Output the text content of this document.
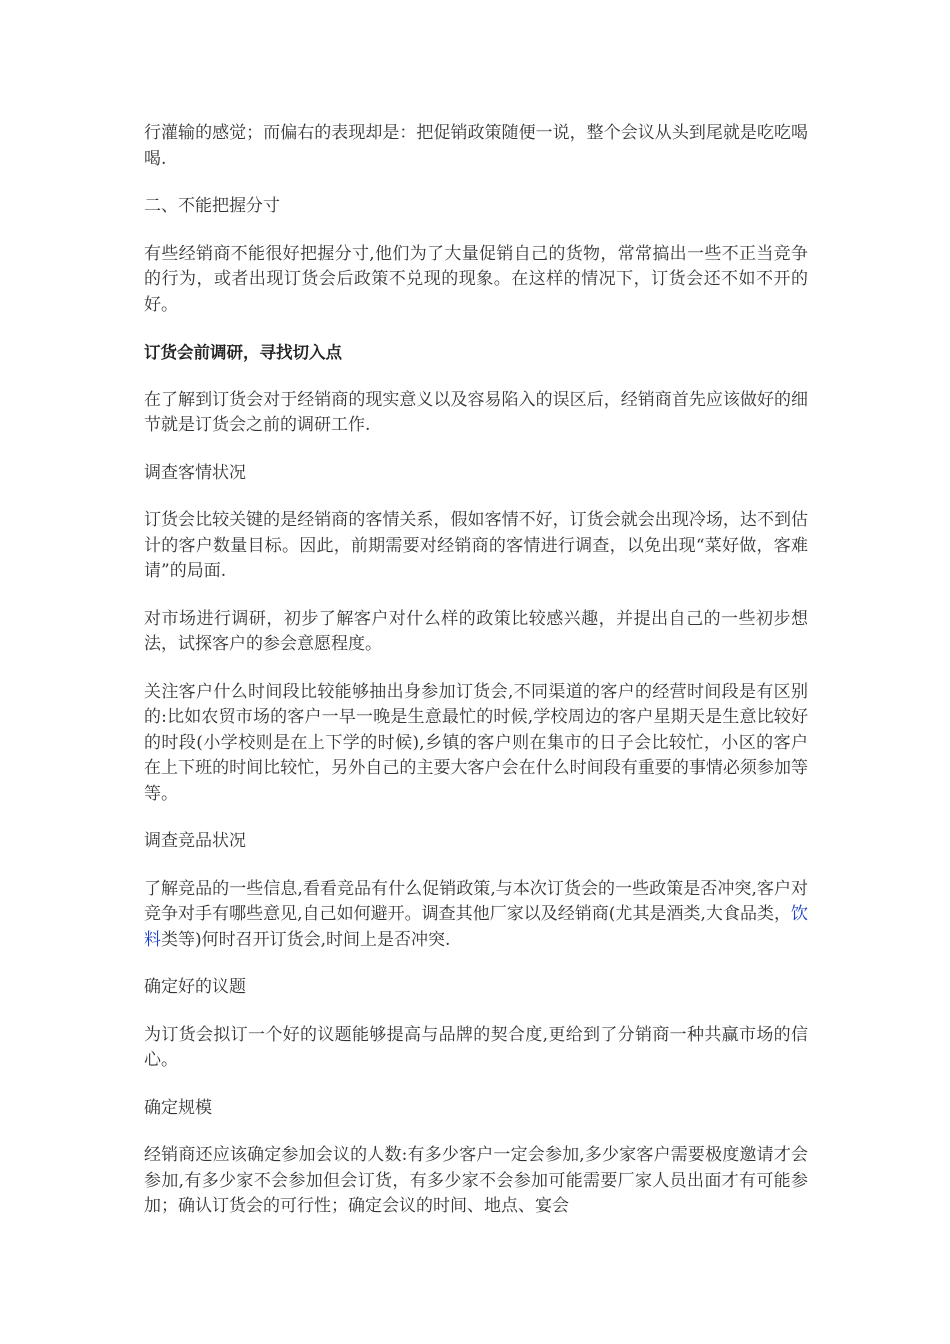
行灌输的感觉；而偏右的表现却是：把促销政策随便一说，整个会议从头到尾就是吃吃喝喝.

二、不能把握分寸

有些经销商不能很好把握分寸,他们为了大量促销自己的货物，常常搞出一些不正当竞争的行为，或者出现订货会后政策不兑现的现象。在这样的情况下，订货会还不如不开的好。

订货会前调研，寻找切入点

在了解到订货会对于经销商的现实意义以及容易陷入的误区后，经销商首先应该做好的细节就是订货会之前的调研工作.

调查客情状况

订货会比较关键的是经销商的客情关系，假如客情不好，订货会就会出现冷场，达不到估计的客户数量目标。因此，前期需要对经销商的客情进行调查，以免出现“菜好做，客难请”的局面.

对市场进行调研，初步了解客户对什么样的政策比较感兴趣，并提出自己的一些初步想法，试探客户的参会意愿程度。

关注客户什么时间段比较能够抽出身参加订货会,不同渠道的客户的经营时间段是有区别的:比如农贸市场的客户一早一晚是生意最忙的时候,学校周边的客户星期天是生意比较好的时段(小学校则是在上下学的时候),乡镇的客户则在集市的日子会比较忙，小区的客户在上下班的时间比较忙，另外自己的主要大客户会在什么时间段有重要的事情必须参加等等。

调查竞品状况

了解竞品的一些信息,看看竞品有什么促销政策,与本次订货会的一些政策是否冲突,客户对竞争对手有哪些意见,自己如何避开。调查其他厂家以及经销商(尤其是酒类,大食品类，饮料类等)何时召开订货会,时间上是否冲突.

确定好的议题

为订货会拟订一个好的议题能够提高与品牌的契合度,更给到了分销商一种共赢市场的信心。

确定规模

经销商还应该确定参加会议的人数:有多少客户一定会参加,多少家客户需要极度邀请才会参加,有多少家不会参加但会订货，有多少家不会参加可能需要厂家人员出面才有可能参加；确认订货会的可行性；确定会议的时间、地点、宴会
